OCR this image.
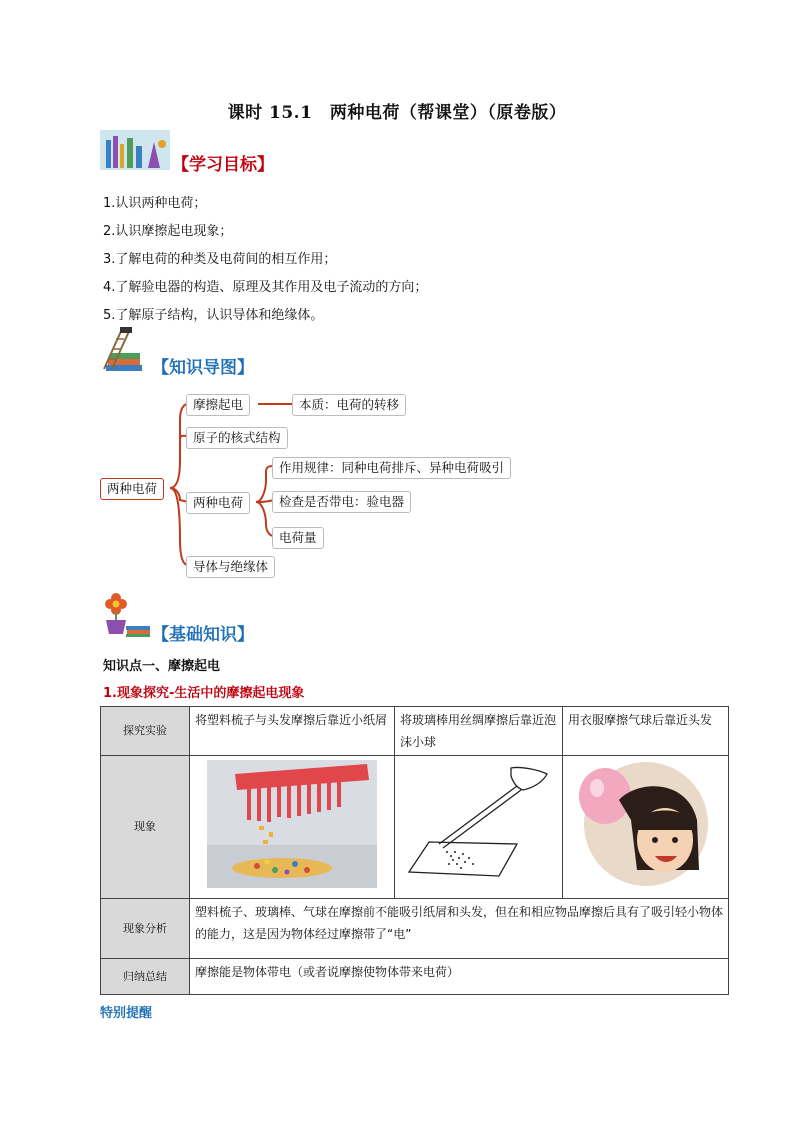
课时 15.1　两种电荷（帮课堂）（原卷版）
【学习目标】
1.认识两种电荷；
2.认识摩擦起电现象；
3.了解电荷的种类及电荷间的相互作用；
4.了解验电器的构造、原理及其作用及电子流动的方向；
5.了解原子结构，认识导体和绝缘体。
【知识导图】
两种电荷
摩擦起电	本质：电荷的转移
原子的核式结构
两种电荷
作用规律：同种电荷排斥、异种电荷吸引
检查是否带电：验电器
电荷量
导体与绝缘体
【基础知识】
知识点一、摩擦起电
1.现象探究-生活中的摩擦起电现象
探究实验	将塑料梳子与头发摩擦后靠近小纸屑	将玻璃棒用丝绸摩擦后靠近泡沫小球	用衣服摩擦气球后靠近头发
现象			
现象分析	塑料梳子、玻璃棒、气球在摩擦前不能吸引纸屑和头发，但在和相应物品摩擦后具有了吸引轻小物体的能力，这是因为物体经过摩擦带了“电”		
归纳总结	摩擦能是物体带电（或者说摩擦使物体带来电荷）		
特别提醒
